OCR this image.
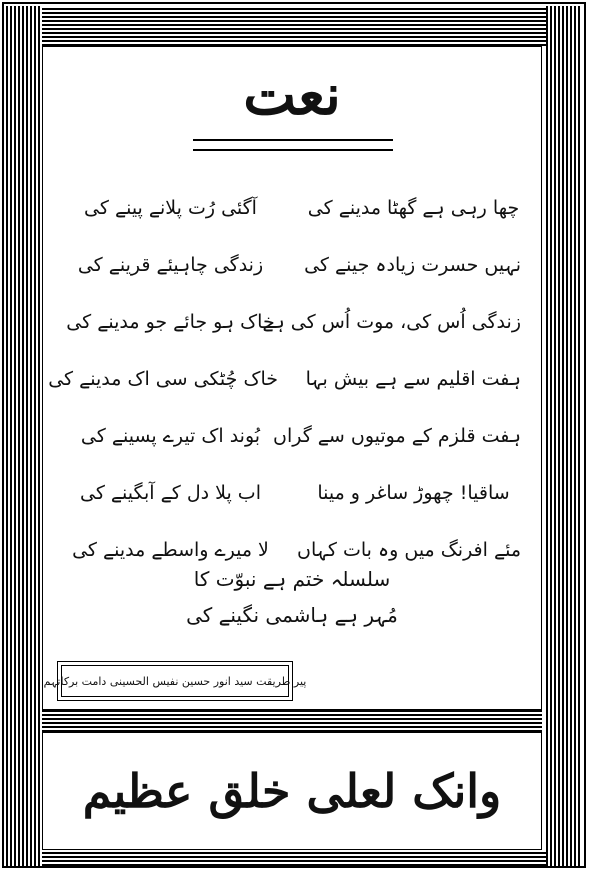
نعت
چھا رہی ہے گھٹا مدینے کی
آگئی رُت پلانے پینے کی
نہیں حسرت زیادہ جینے کی
زندگی چاہیئے قرینے کی
زندگی اُس کی، موت اُس کی ہے
خاک ہو جائے جو مدینے کی
ہفت اقلیم سے ہے بیش بہا
خاک چُٹکی سی اک مدینے کی
ہفت قلزم کے موتیوں سے گراں
بُوند اک تیرے پسینے کی
ساقیا! چھوڑ ساغر و مینا
اب پلا دل کے آبگینے کی
مئے افرنگ میں وہ بات کہاں
لا میرے واسطے مدینے کی
سلسلہ ختم ہے نبوّت کا
مُہر ہے ہاشمی نگینے کی
پیر طریقت سید انور حسین نفیس الحسینی دامت برکاتہم
وانک لعلی خلق عظیم
